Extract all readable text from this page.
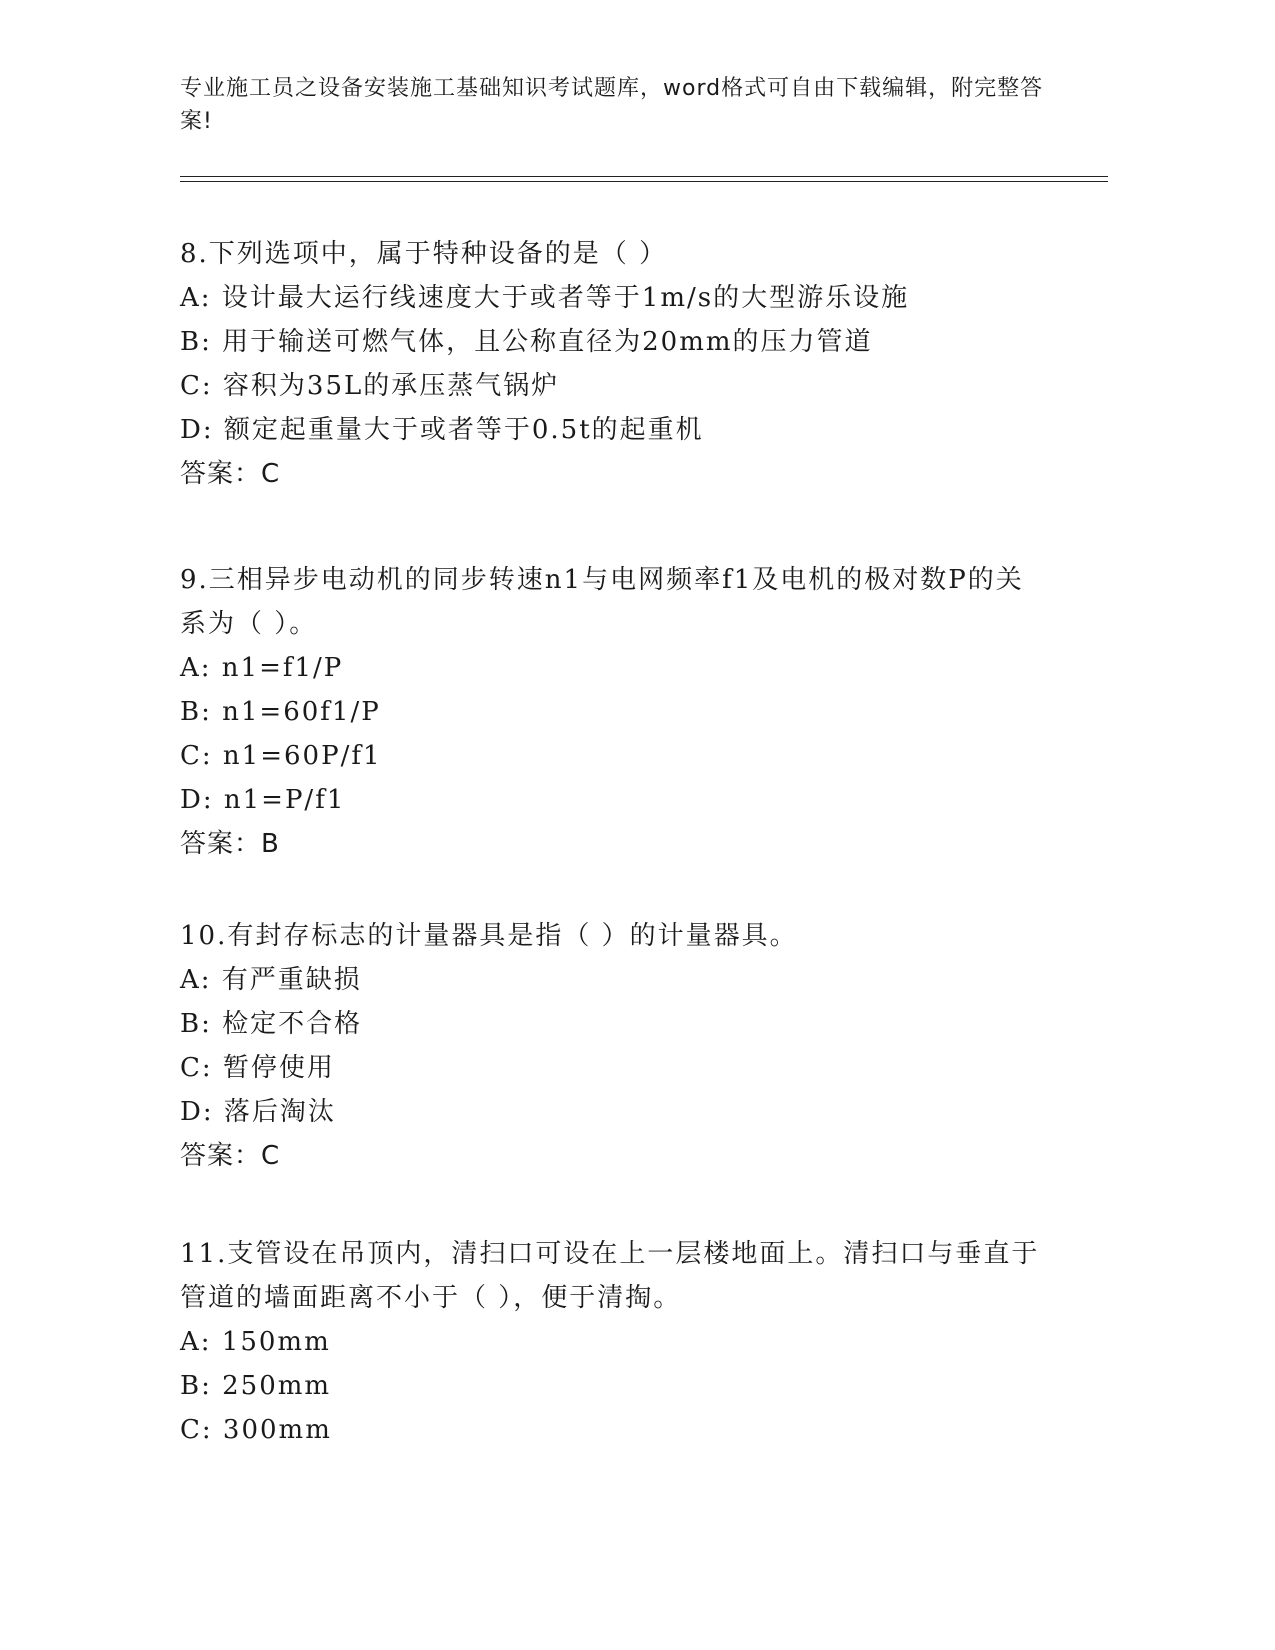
专业施工员之设备安装施工基础知识考试题库，word格式可自由下载编辑，附完整答案!
8.下列选项中，属于特种设备的是（ ）
A: 设计最大运行线速度大于或者等于1m/s的大型游乐设施
B: 用于输送可燃气体，且公称直径为20mm的压力管道
C: 容积为35L的承压蒸气锅炉
D: 额定起重量大于或者等于0.5t的起重机
答案：C
9.三相异步电动机的同步转速n1与电网频率f1及电机的极对数P的关系为（ ）。
A: n1=f1/P
B: n1=60f1/P
C: n1=60P/f1
D: n1=P/f1
答案：B
10.有封存标志的计量器具是指（ ）的计量器具。
A: 有严重缺损
B: 检定不合格
C: 暂停使用
D: 落后淘汰
答案：C
11.支管设在吊顶内，清扫口可设在上一层楼地面上。清扫口与垂直于管道的墙面距离不小于（ ），便于清掏。
A: 150mm
B: 250mm
C: 300mm
